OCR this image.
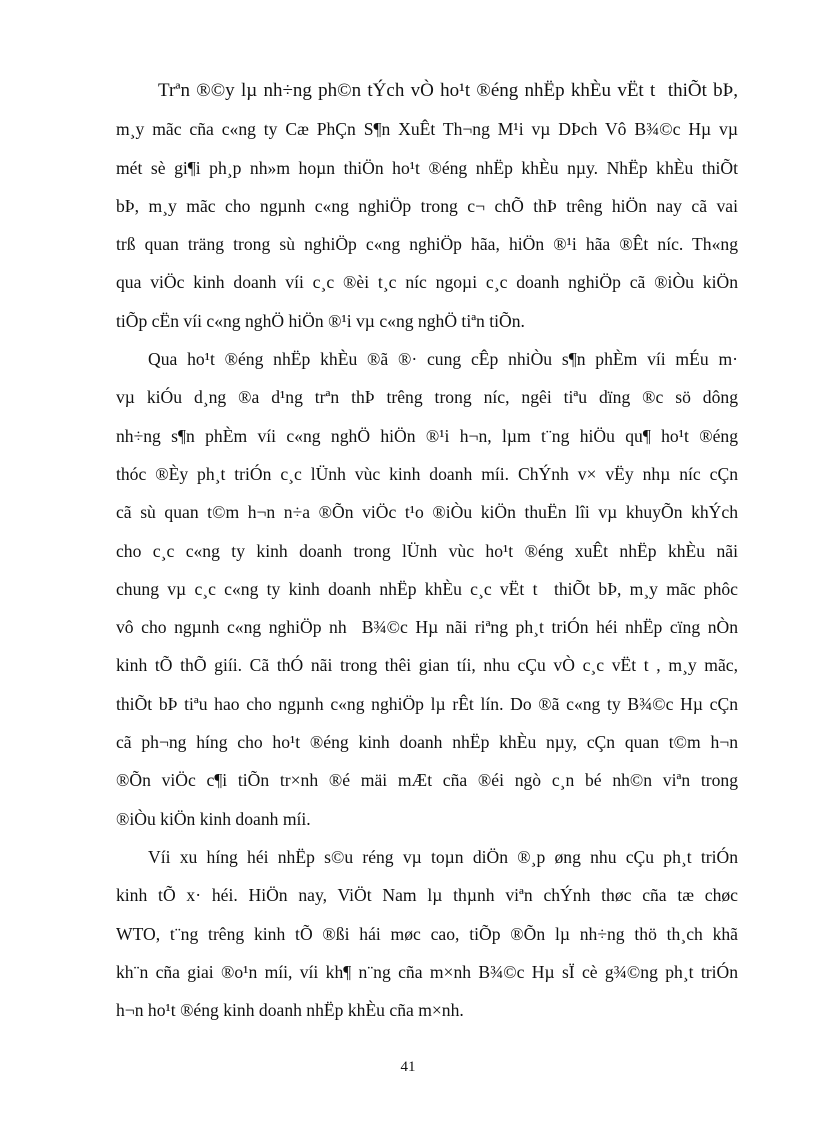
Trªn ®©y lµ nh÷ng ph©n tÝch vÒ ho¹t ®éng nhËp khÈu vËt t  thiÕt bÞ,
m¸y mãc cña c«ng ty Cæ PhÇn S¶n XuÊt Th¬ng M¹i vµ DÞch Vô B¾©c Hµ vµ
mét sè gi¶i ph¸p nh»m hoµn thiÖn ho¹t ®éng nhËp khÈu nµy. NhËp khÈu thiÕt
bÞ, m¸y mãc cho ngµnh c«ng nghiÖp trong c¬ chÕ thÞ trêng hiÖn nay cã vai
trß quan träng trong sù nghiÖp c«ng nghiÖp hãa, hiÖn ®¹i hãa ®Êt níc. Th«ng
qua viÖc kinh doanh víi c¸c ®èi t¸c níc ngoµi c¸c doanh nghiÖp cã ®iÒu kiÖn
tiÕp cËn víi c«ng nghÖ hiÖn ®¹i vµ c«ng nghÖ tiªn tiÕn.
Qua ho¹t ®éng nhËp khÈu ®ã ®· cung cÊp nhiÒu s¶n phÈm víi mÉu m·
vµ kiÓu d¸ng ®a d¹ng trªn thÞ trêng trong níc, ngêi tiªu dïng ®c sö dông
nh÷ng s¶n phÈm víi c«ng nghÖ hiÖn ®¹i h¬n, lµm t¨ng hiÖu qu¶ ho¹t ®éng
thóc ®Èy ph¸t triÓn c¸c lÜnh vùc kinh doanh míi. ChÝnh v× vËy nhµ níc cÇn
cã sù quan t©m h¬n n÷a ®Õn viÖc t¹o ®iÒu kiÖn thuËn lîi vµ khuyÕn khÝch
cho c¸c c«ng ty kinh doanh trong lÜnh vùc ho¹t ®éng xuÊt nhËp khÈu nãi
chung vµ c¸c c«ng ty kinh doanh nhËp khÈu c¸c vËt t  thiÕt bÞ, m¸y mãc phôc
vô cho ngµnh c«ng nghiÖp nh  B¾©c Hµ nãi riªng ph¸t triÓn héi nhËp cïng nÒn
kinh tÕ thÕ giíi. Cã thÓ nãi trong thêi gian tíi, nhu cÇu vÒ c¸c vËt t , m¸y mãc,
thiÕt bÞ tiªu hao cho ngµnh c«ng nghiÖp lµ rÊt lín. Do ®ã c«ng ty B¾©c Hµ cÇn
cã ph¬ng híng cho ho¹t ®éng kinh doanh nhËp khÈu nµy, cÇn quan t©m h¬n
®Õn viÖc c¶i tiÕn tr×nh ®é mäi mÆt cña ®éi ngò c¸n bé nh©n viªn trong
®iÒu kiÖn kinh doanh míi.
Víi xu híng héi nhËp s©u réng vµ toµn diÖn ®¸p øng nhu cÇu ph¸t triÓn
kinh tÕ x· héi. HiÖn nay, ViÖt Nam lµ thµnh viªn chÝnh thøc cña tæ chøc
WTO, t¨ng trêng kinh tÕ ®ßi hái møc cao, tiÕp ®Õn lµ nh÷ng thö th¸ch khã
kh¨n cña giai ®o¹n míi, víi kh¶ n¨ng cña m×nh B¾©c Hµ sÏ cè g¾©ng ph¸t triÓn
h¬n ho¹t ®éng kinh doanh nhËp khÈu cña m×nh.
41
